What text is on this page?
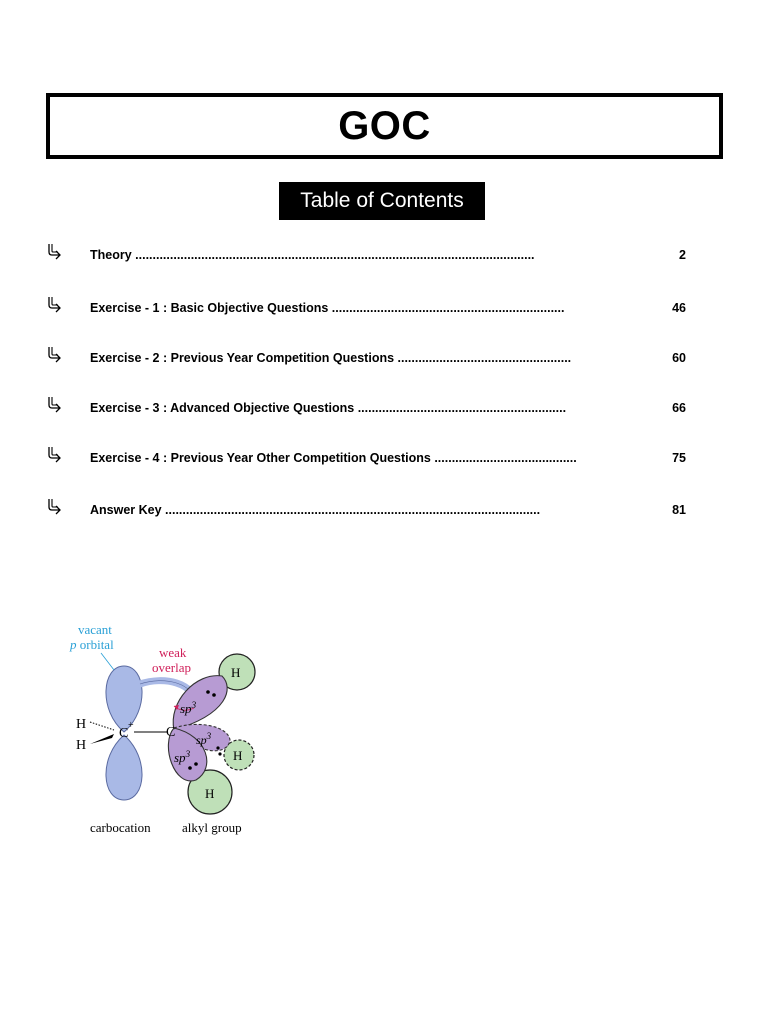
GOC
Table of Contents
Theory ...................................................................................................................	2
Exercise - 1 : Basic Objective Questions ...................................................................	46
Exercise - 2 : Previous Year Competition Questions ..................................................	60
Exercise - 3 : Advanced Objective Questions ............................................................	66
Exercise - 4 : Previous Year Other Competition Questions .........................................	75
Answer Key ............................................................................................................	81
vacant
p orbital
weak
overlap	H
H
H
H
H
C
+ C
$sp^3$
$sp^3$
$sp^3$
carbocation alkyl group
